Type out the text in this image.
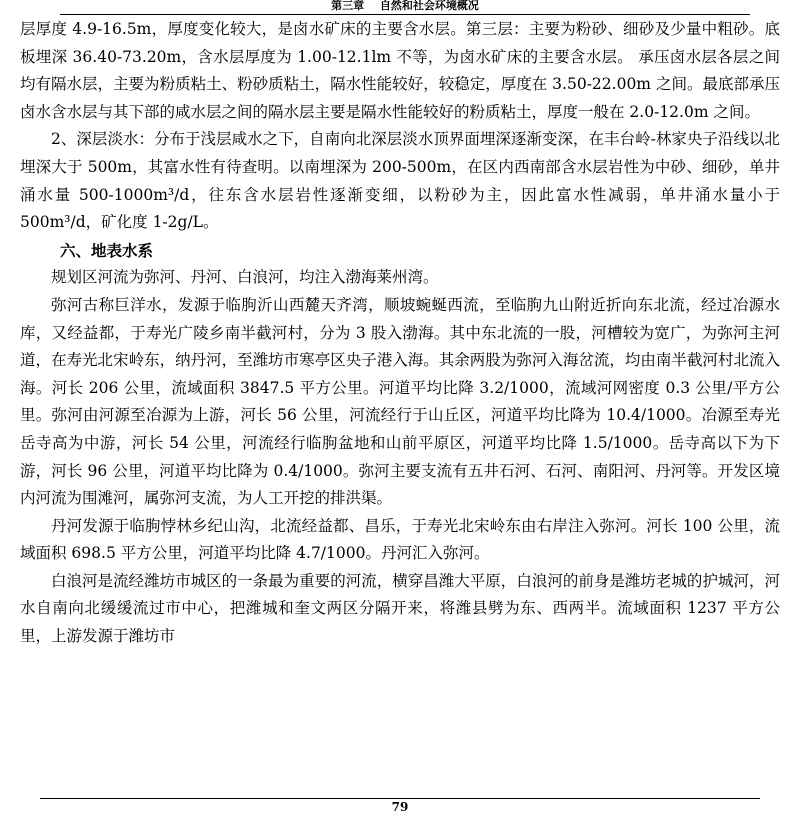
第三章 自然和社会环境概况

层厚度 4.9-16.5m，厚度变化较大，是卤水矿床的主要含水层。第三层：主要为粉砂、细砂及少量中粗砂。底板埋深 36.40-73.20m，含水层厚度为 1.00-12.1lm 不等，为卤水矿床的主要含水层。 承压卤水层各层之间均有隔水层，主要为粉质粘土、粉砂质粘土，隔水性能较好，较稳定，厚度在 3.50-22.00m 之间。最底部承压卤水含水层与其下部的咸水层之间的隔水层主要是隔水性能较好的粉质粘土，厚度一般在 2.0-12.0m 之间。

2、深层淡水：分布于浅层咸水之下，自南向北深层淡水顶界面埋深逐渐变深，在丰台岭-林家央子沿线以北埋深大于 500m，其富水性有待查明。以南埋深为 200-500m，在区内西南部含水层岩性为中砂、细砂，单井涌水量 500-1000m³/d，往东含水层岩性逐渐变细，以粉砂为主，因此富水性减弱，单井涌水量小于 500m³/d，矿化度 1-2g/L。

六、地表水系

规划区河流为弥河、丹河、白浪河，均注入渤海莱州湾。

弥河古称巨洋水，发源于临朐沂山西麓天齐湾，顺坡蜿蜒西流，至临朐九山附近折向东北流，经过冶源水库，又经益都，于寿光广陵乡南半截河村，分为 3 股入渤海。其中东北流的一股，河槽较为宽广，为弥河主河道，在寿光北宋岭东，纳丹河，至潍坊市寒亭区央子港入海。其余两股为弥河入海岔流，均由南半截河村北流入海。河长 206 公里，流域面积 3847.5 平方公里。河道平均比降 3.2/1000，流域河网密度 0.3 公里/平方公里。弥河由河源至冶源为上游，河长 56 公里，河流经行于山丘区，河道平均比降为 10.4/1000。冶源至寿光岳寺高为中游，河长 54 公里，河流经行临朐盆地和山前平原区，河道平均比降 1.5/1000。岳寺高以下为下游，河长 96 公里，河道平均比降为 0.4/1000。弥河主要支流有五井石河、石河、南阳河、丹河等。开发区境内河流为围滩河，属弥河支流，为人工开挖的排洪渠。

丹河发源于临朐悖林乡纪山沟，北流经益都、昌乐，于寿光北宋岭东由右岸注入弥河。河长 100 公里，流域面积 698.5 平方公里，河道平均比降 4.7/1000。丹河汇入弥河。

白浪河是流经潍坊市城区的一条最为重要的河流，横穿昌潍大平原，白浪河的前身是潍坊老城的护城河，河水自南向北缓缓流过市中心，把潍城和奎文两区分隔开来，将潍县劈为东、西两半。流域面积 1237 平方公里，上游发源于潍坊市

79
